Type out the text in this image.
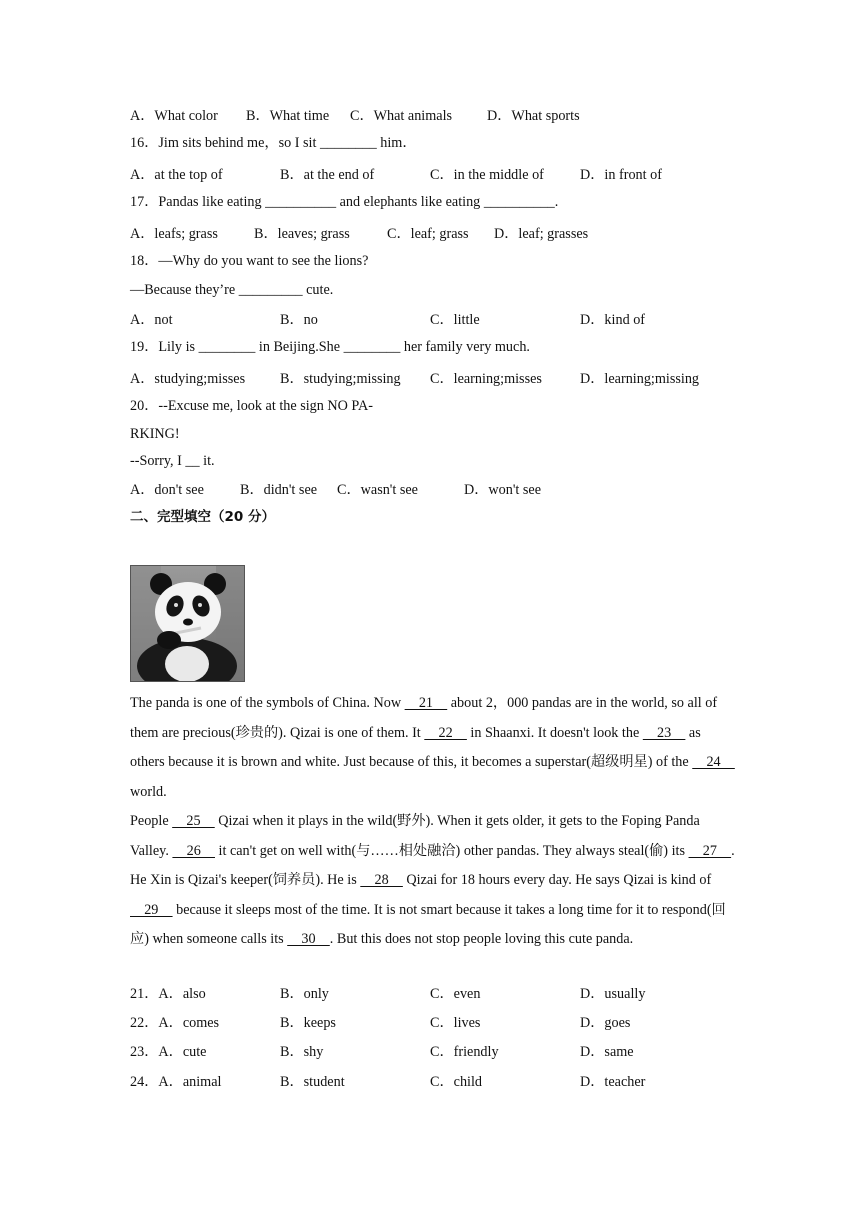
A．What color B．What time C．What animals D．What sports
16．Jim sits behind me，so I sit ________ him．
A．at the top of	B．at the end of	C．in the middle of	D．in front of
17．Pandas like eating __________ and elephants like eating __________.
A．leafs; grass	B．leaves; grass	C．leaf; grass D．leaf; grasses
18．—Why do you want to see the lions?
—Because they’re _________ cute.
A．not	B．no	C．little	D．kind of
19．Lily is ________ in Beijing.She ________ her family very much.
A．studying;misses B．studying;missing C．learning;misses	D．learning;missing
20．--Excuse me, look at the sign NO PA-
RKING!
--Sorry, I __ it.
A．don't see	B．didn't see C．wasn't see	D．won't see
二、完型填空（20 分）

The panda is one of the symbols of China. Now     21     about 2，000 pandas are in the world, so all of them are precious(珍贵的). Qizai is one of them. It     22     in Shaanxi. It doesn't look the     23     as others because it is brown and white. Just because of this, it becomes a superstar(超级明星) of the     24     world.

People     25     Qizai when it plays in the wild(野外). When it gets older, it gets to the Foping Panda Valley.     26     it can't get on well with(与……相处融洽) other pandas. They always steal(偷) its     27    . He Xin is Qizai's keeper(饲养员). He is     28     Qizai for 18 hours every day. He says Qizai is kind of     29     because it sleeps most of the time. It is not smart because it takes a long time for it to respond(回应) when someone calls its     30    . But this does not stop people loving this cute panda.

21．A．also	B．only	C．even	D．usually
22．A．comes	B．keeps	C．lives	D．goes
23．A．cute	B．shy	C．friendly	D．same
24．A．animal	B．student	C．child	D．teacher
